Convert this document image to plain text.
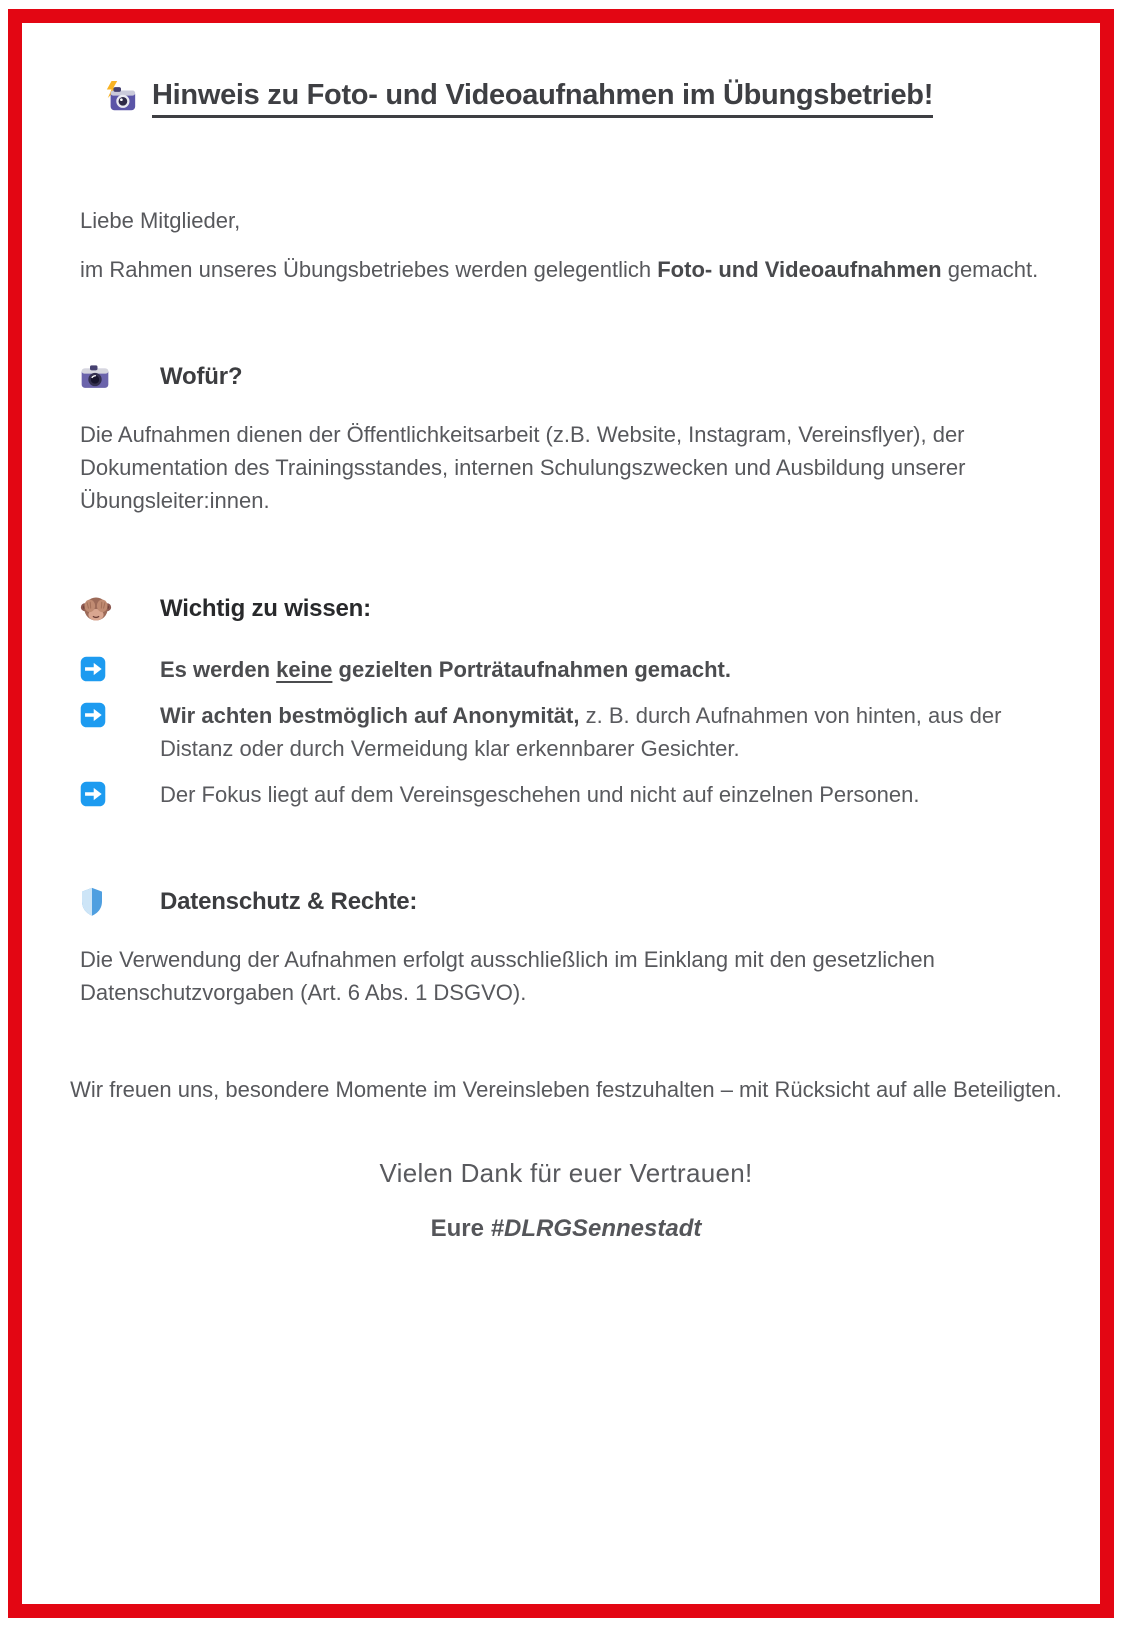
Hinweis zu Foto- und Videoaufnahmen im Übungsbetrieb!
Liebe Mitglieder,

im Rahmen unseres Übungsbetriebes werden gelegentlich Foto- und Videoaufnahmen gemacht.

Wofür?

Die Aufnahmen dienen der Öffentlichkeitsarbeit (z.B. Website, Instagram, Vereinsflyer), der Dokumentation des Trainingsstandes, internen Schulungszwecken und Ausbildung unserer Übungsleiter:innen.

Wichtig zu wissen:
Es werden keine gezielten Porträtaufnahmen gemacht.
Wir achten bestmöglich auf Anonymität, z. B. durch Aufnahmen von hinten, aus der Distanz oder durch Vermeidung klar erkennbarer Gesichter.
Der Fokus liegt auf dem Vereinsgeschehen und nicht auf einzelnen Personen.
Datenschutz & Rechte:

Die Verwendung der Aufnahmen erfolgt ausschließlich im Einklang mit den gesetzlichen Datenschutzvorgaben (Art. 6 Abs. 1 DSGVO).

Wir freuen uns, besondere Momente im Vereinsleben festzuhalten – mit Rücksicht auf alle Beteiligten.

Vielen Dank für euer Vertrauen!

Eure #DLRGSennestadt
